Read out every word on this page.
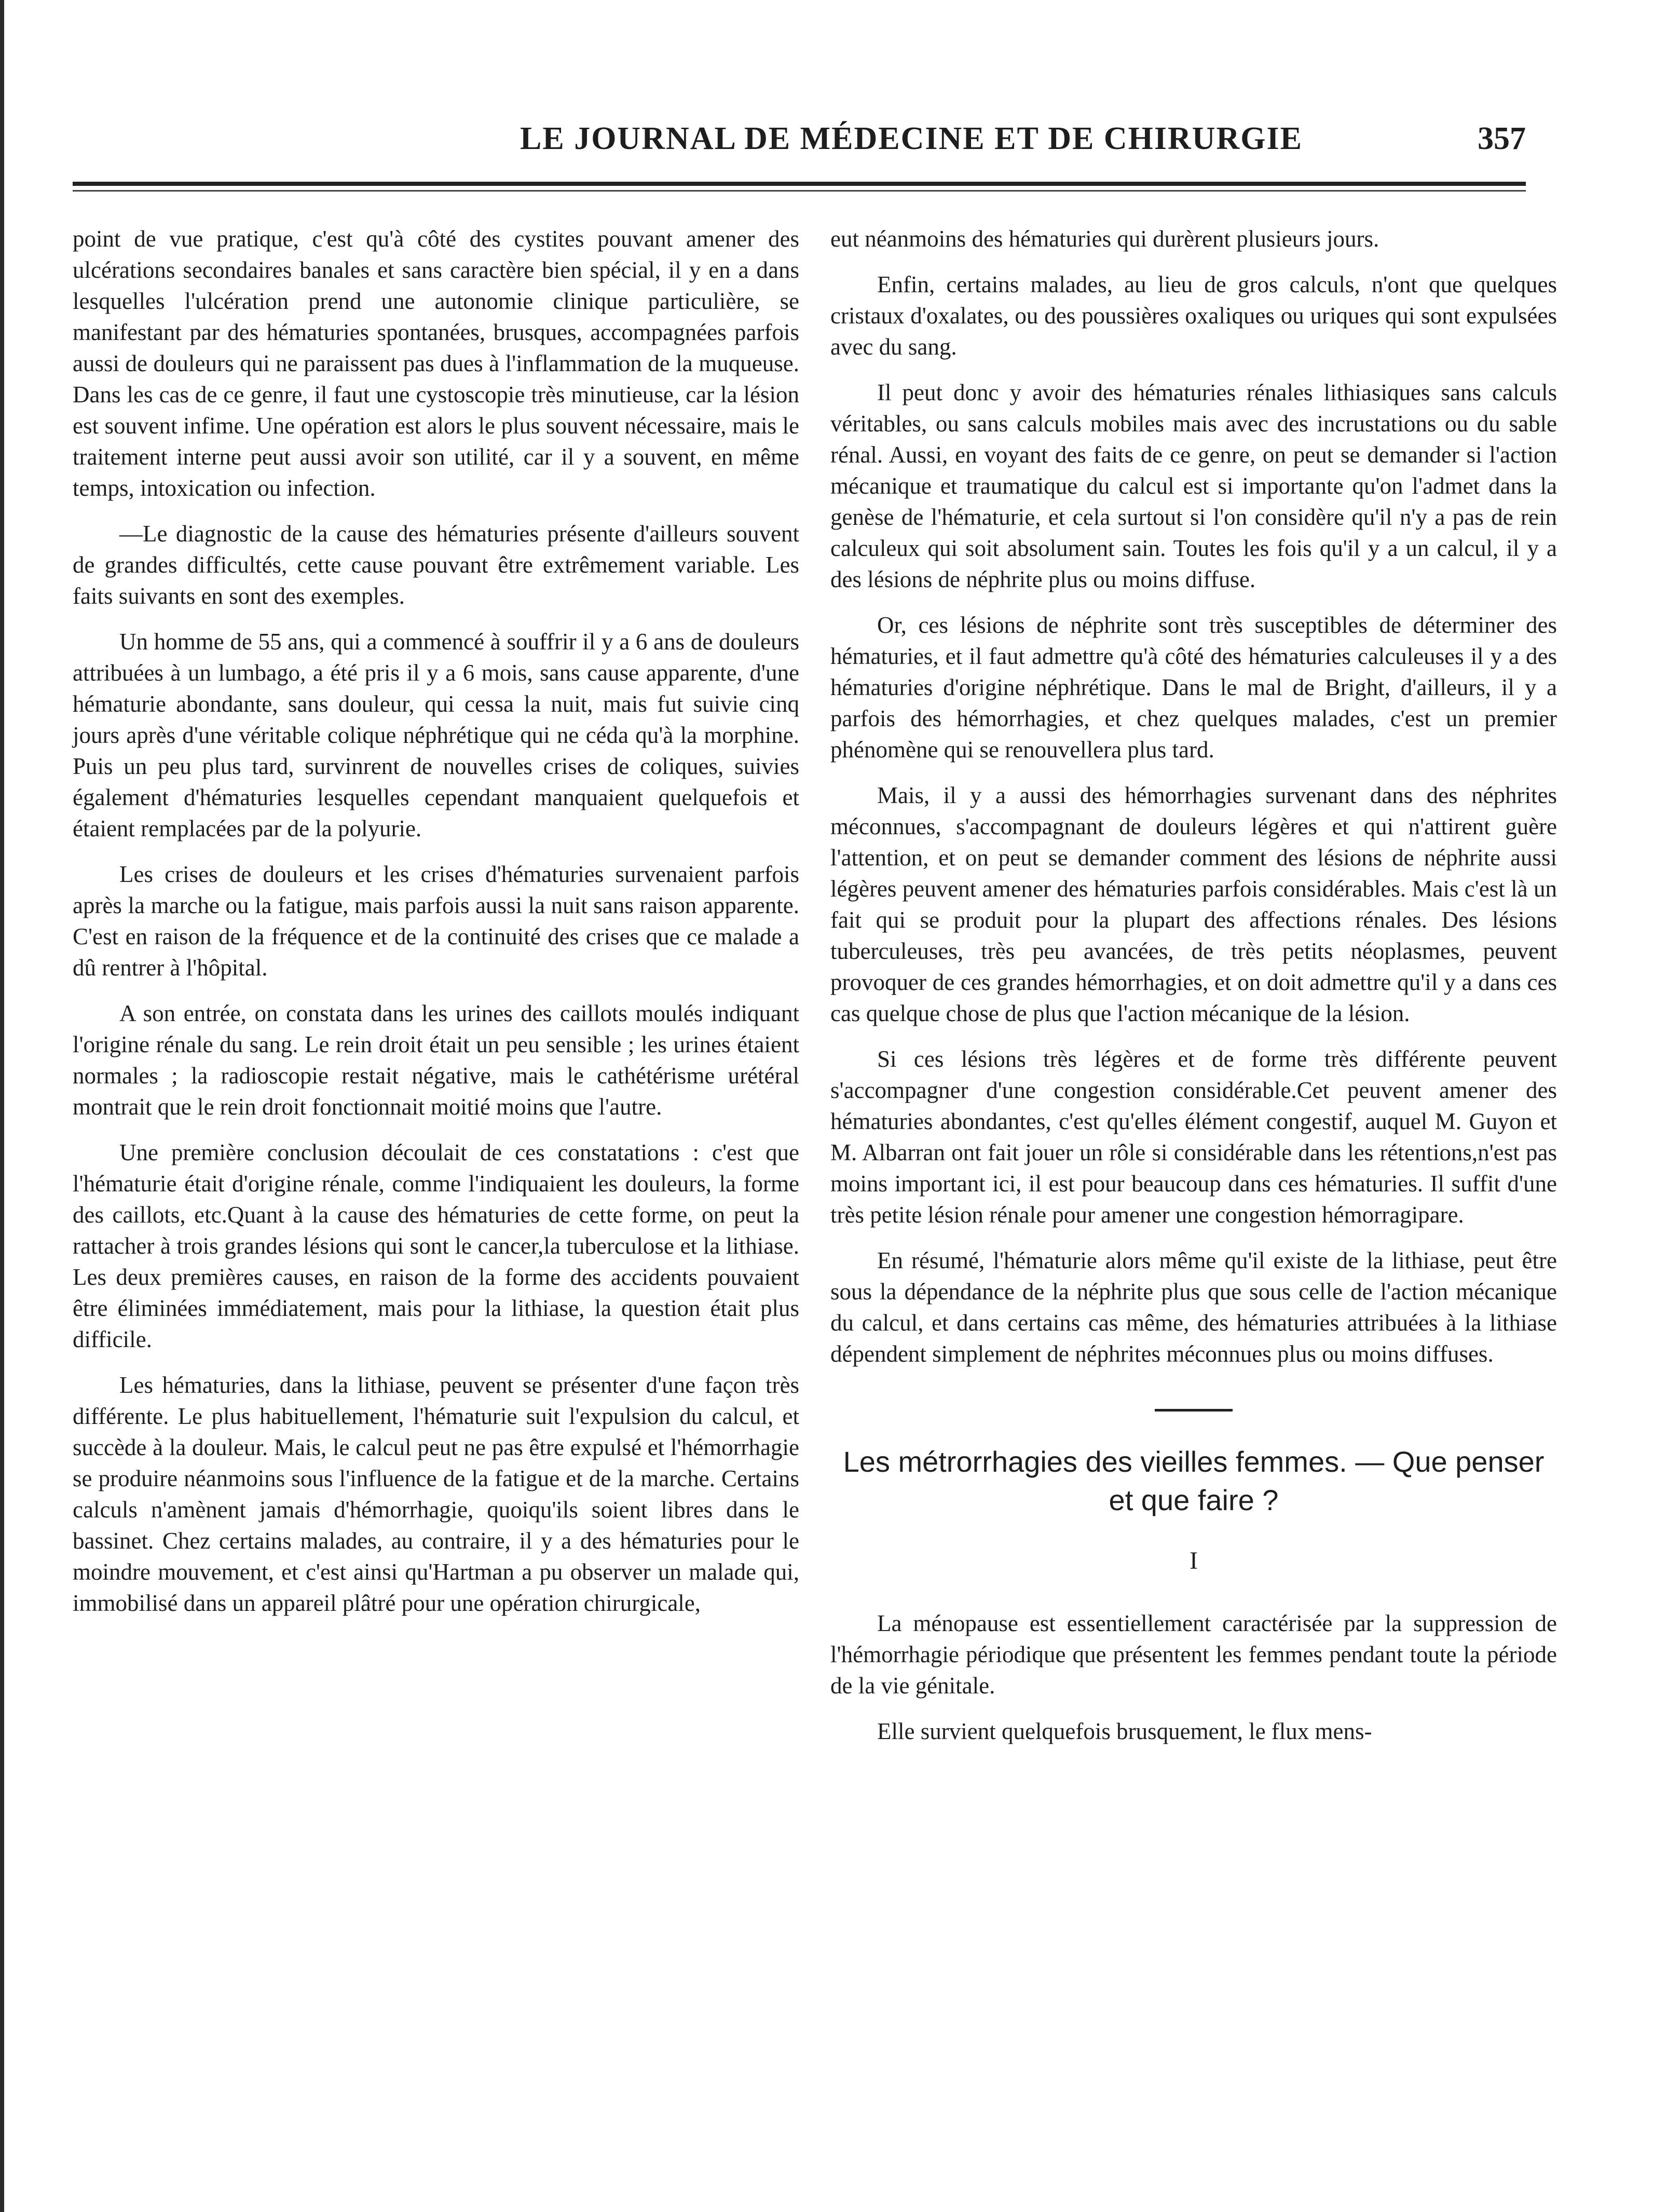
LE JOURNAL DE MÉDECINE ET DE CHIRURGIE	357

point de vue pratique, c'est qu'à côté des cystites pouvant amener des ulcérations secondaires banales et sans caractère bien spécial, il y en a dans lesquelles l'ulcération prend une autonomie clinique particulière, se manifestant par des hématuries spontanées, brusques, accompagnées parfois aussi de douleurs qui ne paraissent pas dues à l'inflammation de la muqueuse. Dans les cas de ce genre, il faut une cystoscopie très minutieuse, car la lésion est souvent infime. Une opération est alors le plus souvent nécessaire, mais le traitement interne peut aussi avoir son utilité, car il y a souvent, en même temps, intoxication ou infection.

—Le diagnostic de la cause des hématuries présente d'ailleurs souvent de grandes difficultés, cette cause pouvant être extrêmement variable. Les faits suivants en sont des exemples.

Un homme de 55 ans, qui a commencé à souffrir il y a 6 ans de douleurs attribuées à un lumbago, a été pris il y a 6 mois, sans cause apparente, d'une hématurie abondante, sans douleur, qui cessa la nuit, mais fut suivie cinq jours après d'une véritable colique néphrétique qui ne céda qu'à la morphine. Puis un peu plus tard, survinrent de nouvelles crises de coliques, suivies également d'hématuries lesquelles cependant manquaient quelquefois et étaient remplacées par de la polyurie.

Les crises de douleurs et les crises d'hématuries survenaient parfois après la marche ou la fatigue, mais parfois aussi la nuit sans raison apparente. C'est en raison de la fréquence et de la continuité des crises que ce malade a dû rentrer à l'hôpital.

A son entrée, on constata dans les urines des caillots moulés indiquant l'origine rénale du sang. Le rein droit était un peu sensible ; les urines étaient normales ; la radioscopie restait négative, mais le cathétérisme urétéral montrait que le rein droit fonctionnait moitié moins que l'autre.

Une première conclusion découlait de ces constatations : c'est que l'hématurie était d'origine rénale, comme l'indiquaient les douleurs, la forme des caillots, etc.Quant à la cause des hématuries de cette forme, on peut la rattacher à trois grandes lésions qui sont le cancer,la tuberculose et la lithiase. Les deux premières causes, en raison de la forme des accidents pouvaient être éliminées immédiatement, mais pour la lithiase, la question était plus difficile.

Les hématuries, dans la lithiase, peuvent se présenter d'une façon très différente. Le plus habituellement, l'hématurie suit l'expulsion du calcul, et succède à la douleur. Mais, le calcul peut ne pas être expulsé et l'hémorrhagie se produire néanmoins sous l'influence de la fatigue et de la marche. Certains calculs n'amènent jamais d'hémorrhagie, quoiqu'ils soient libres dans le bassinet. Chez certains malades, au contraire, il y a des hématuries pour le moindre mouvement, et c'est ainsi qu'Hartman a pu observer un malade qui, immobilisé dans un appareil plâtré pour une opération chirurgicale,

eut néanmoins des hématuries qui durèrent plusieurs jours.

Enfin, certains malades, au lieu de gros calculs, n'ont que quelques cristaux d'oxalates, ou des poussières oxaliques ou uriques qui sont expulsées avec du sang.

Il peut donc y avoir des hématuries rénales lithiasiques sans calculs véritables, ou sans calculs mobiles mais avec des incrustations ou du sable rénal. Aussi, en voyant des faits de ce genre, on peut se demander si l'action mécanique et traumatique du calcul est si importante qu'on l'admet dans la genèse de l'hématurie, et cela surtout si l'on considère qu'il n'y a pas de rein calculeux qui soit absolument sain. Toutes les fois qu'il y a un calcul, il y a des lésions de néphrite plus ou moins diffuse.

Or, ces lésions de néphrite sont très susceptibles de déterminer des hématuries, et il faut admettre qu'à côté des hématuries calculeuses il y a des hématuries d'origine néphrétique. Dans le mal de Bright, d'ailleurs, il y a parfois des hémorrhagies, et chez quelques malades, c'est un premier phénomène qui se renouvellera plus tard.

Mais, il y a aussi des hémorrhagies survenant dans des néphrites méconnues, s'accompagnant de douleurs légères et qui n'attirent guère l'attention, et on peut se demander comment des lésions de néphrite aussi légères peuvent amener des hématuries parfois considérables. Mais c'est là un fait qui se produit pour la plupart des affections rénales. Des lésions tuberculeuses, très peu avancées, de très petits néoplasmes, peuvent provoquer de ces grandes hémorrhagies, et on doit admettre qu'il y a dans ces cas quelque chose de plus que l'action mécanique de la lésion.

Si ces lésions très légères et de forme très différente peuvent s'accompagner d'une congestion considérable.Cet peuvent amener des hématuries abondantes, c'est qu'elles élément congestif, auquel M. Guyon et M. Albarran ont fait jouer un rôle si considérable dans les rétentions,n'est pas moins important ici, il est pour beaucoup dans ces hématuries. Il suffit d'une très petite lésion rénale pour amener une congestion hémorragipare.

En résumé, l'hématurie alors même qu'il existe de la lithiase, peut être sous la dépendance de la néphrite plus que sous celle de l'action mécanique du calcul, et dans certains cas même, des hématuries attribuées à la lithiase dépendent simplement de néphrites méconnues plus ou moins diffuses.

Les métrorrhagies des vieilles femmes. — Que penser et que faire ?
I

La ménopause est essentiellement caractérisée par la suppression de l'hémorrhagie périodique que présentent les femmes pendant toute la période de la vie génitale.

Elle survient quelquefois brusquement, le flux mens-
